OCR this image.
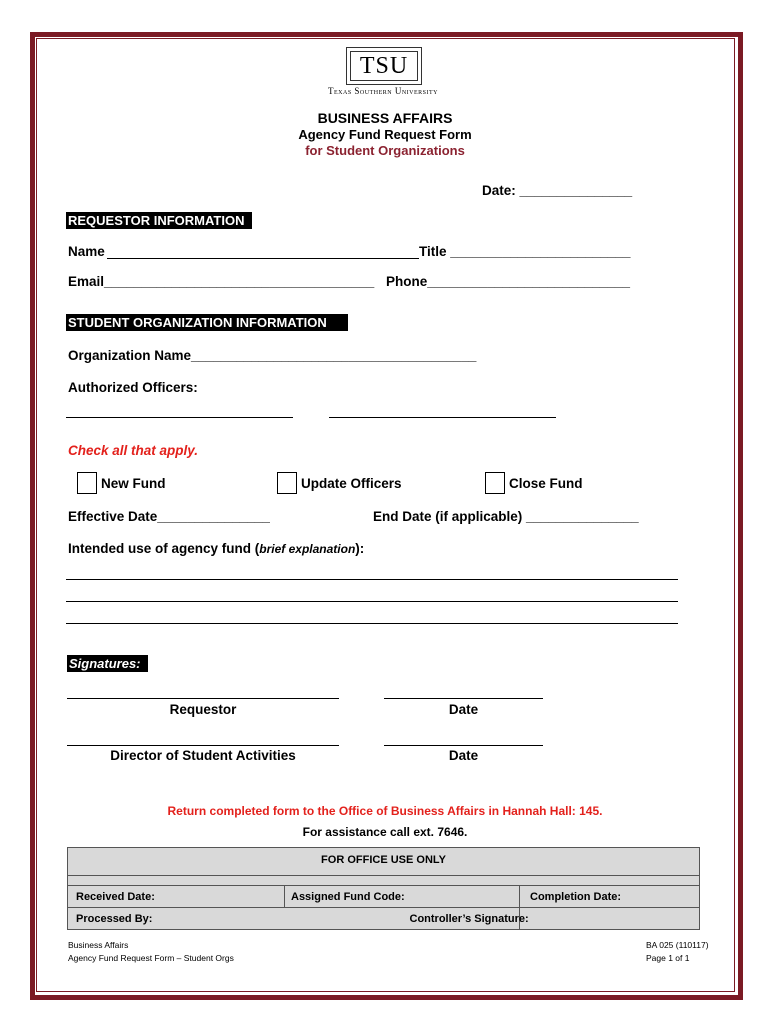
TSU
Texas Southern University
BUSINESS AFFAIRS
Agency Fund Request Form
for Student Organizations
Date: _______________
REQUESTOR INFORMATION
Name	Title ________________________
Email____________________________________ Phone___________________________
STUDENT ORGANIZATION INFORMATION
Organization Name______________________________________
Authorized Officers:
Check all that apply.
New Fund	Update Officers	Close Fund
Effective Date_______________	End Date (if applicable) _______________
Intended use of agency fund (brief explanation):
Signatures:
Requestor	Date
Director of Student Activities	Date
Return completed form to the Office of Business Affairs in Hannah Hall: 145.
For assistance call ext. 7646.
FOR OFFICE USE ONLY		

Received Date:	Assigned Fund Code:	Completion Date:
Processed By: Controller’s Signature:		

Business Affairs
Agency Fund Request Form – Student Orgs
BA 025 (110117)
Page 1 of 1
